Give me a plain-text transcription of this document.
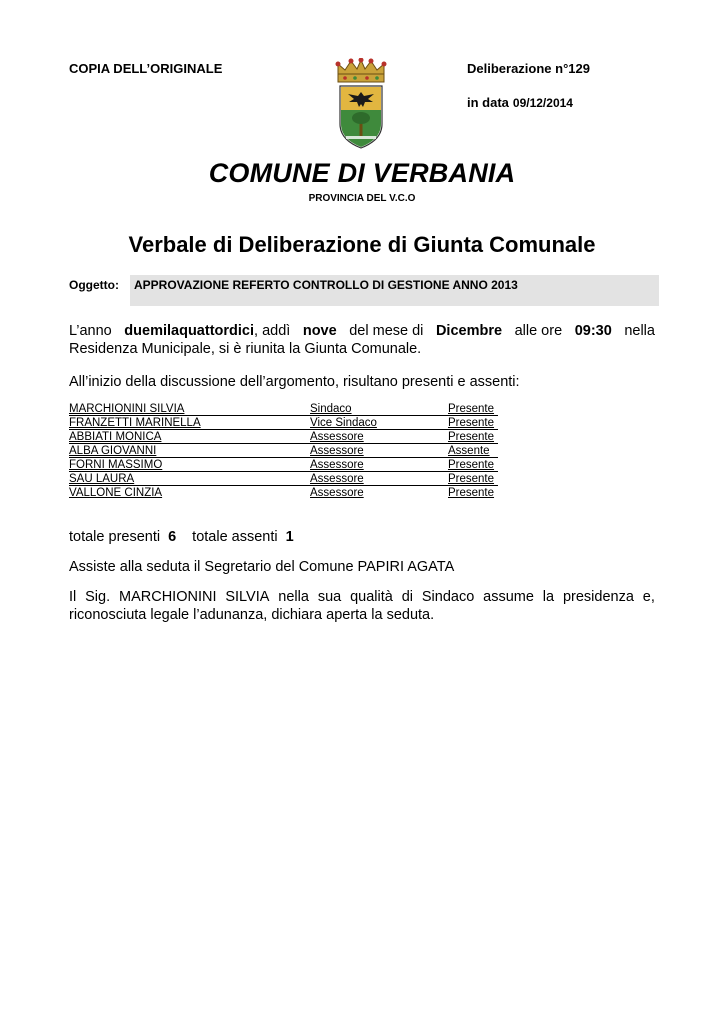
COPIA DELL’ORIGINALE	Deliberazione n°129
in data 09/12/2014
COMUNE DI VERBANIA
PROVINCIA DEL V.C.O
Verbale di Deliberazione di Giunta Comunale
Oggetto: APPROVAZIONE REFERTO CONTROLLO DI GESTIONE ANNO 2013
L’anno duemilaquattordici, addì nove del mese di Dicembre alle ore 09:30 nella
Residenza Municipale, si è riunita la Giunta Comunale.
All’inizio della discussione dell’argomento, risultano presenti e assenti:
MARCHIONINI SILVIA	Sindaco	Presente
FRANZETTI MARINELLA	Vice Sindaco	Presente
ABBIATI MONICA	Assessore	Presente
ALBA GIOVANNI	Assessore	Assente
FORNI MASSIMO	Assessore	Presente
SAU LAURA	Assessore	Presente
VALLONE CINZIA	Assessore	Presente
totale presenti 6 totale assenti 1
Assiste alla seduta il Segretario del Comune PAPIRI AGATA
Il Sig. MARCHIONINI SILVIA nella sua qualità di Sindaco assume la presidenza e,
riconosciuta legale l’adunanza, dichiara aperta la seduta.
